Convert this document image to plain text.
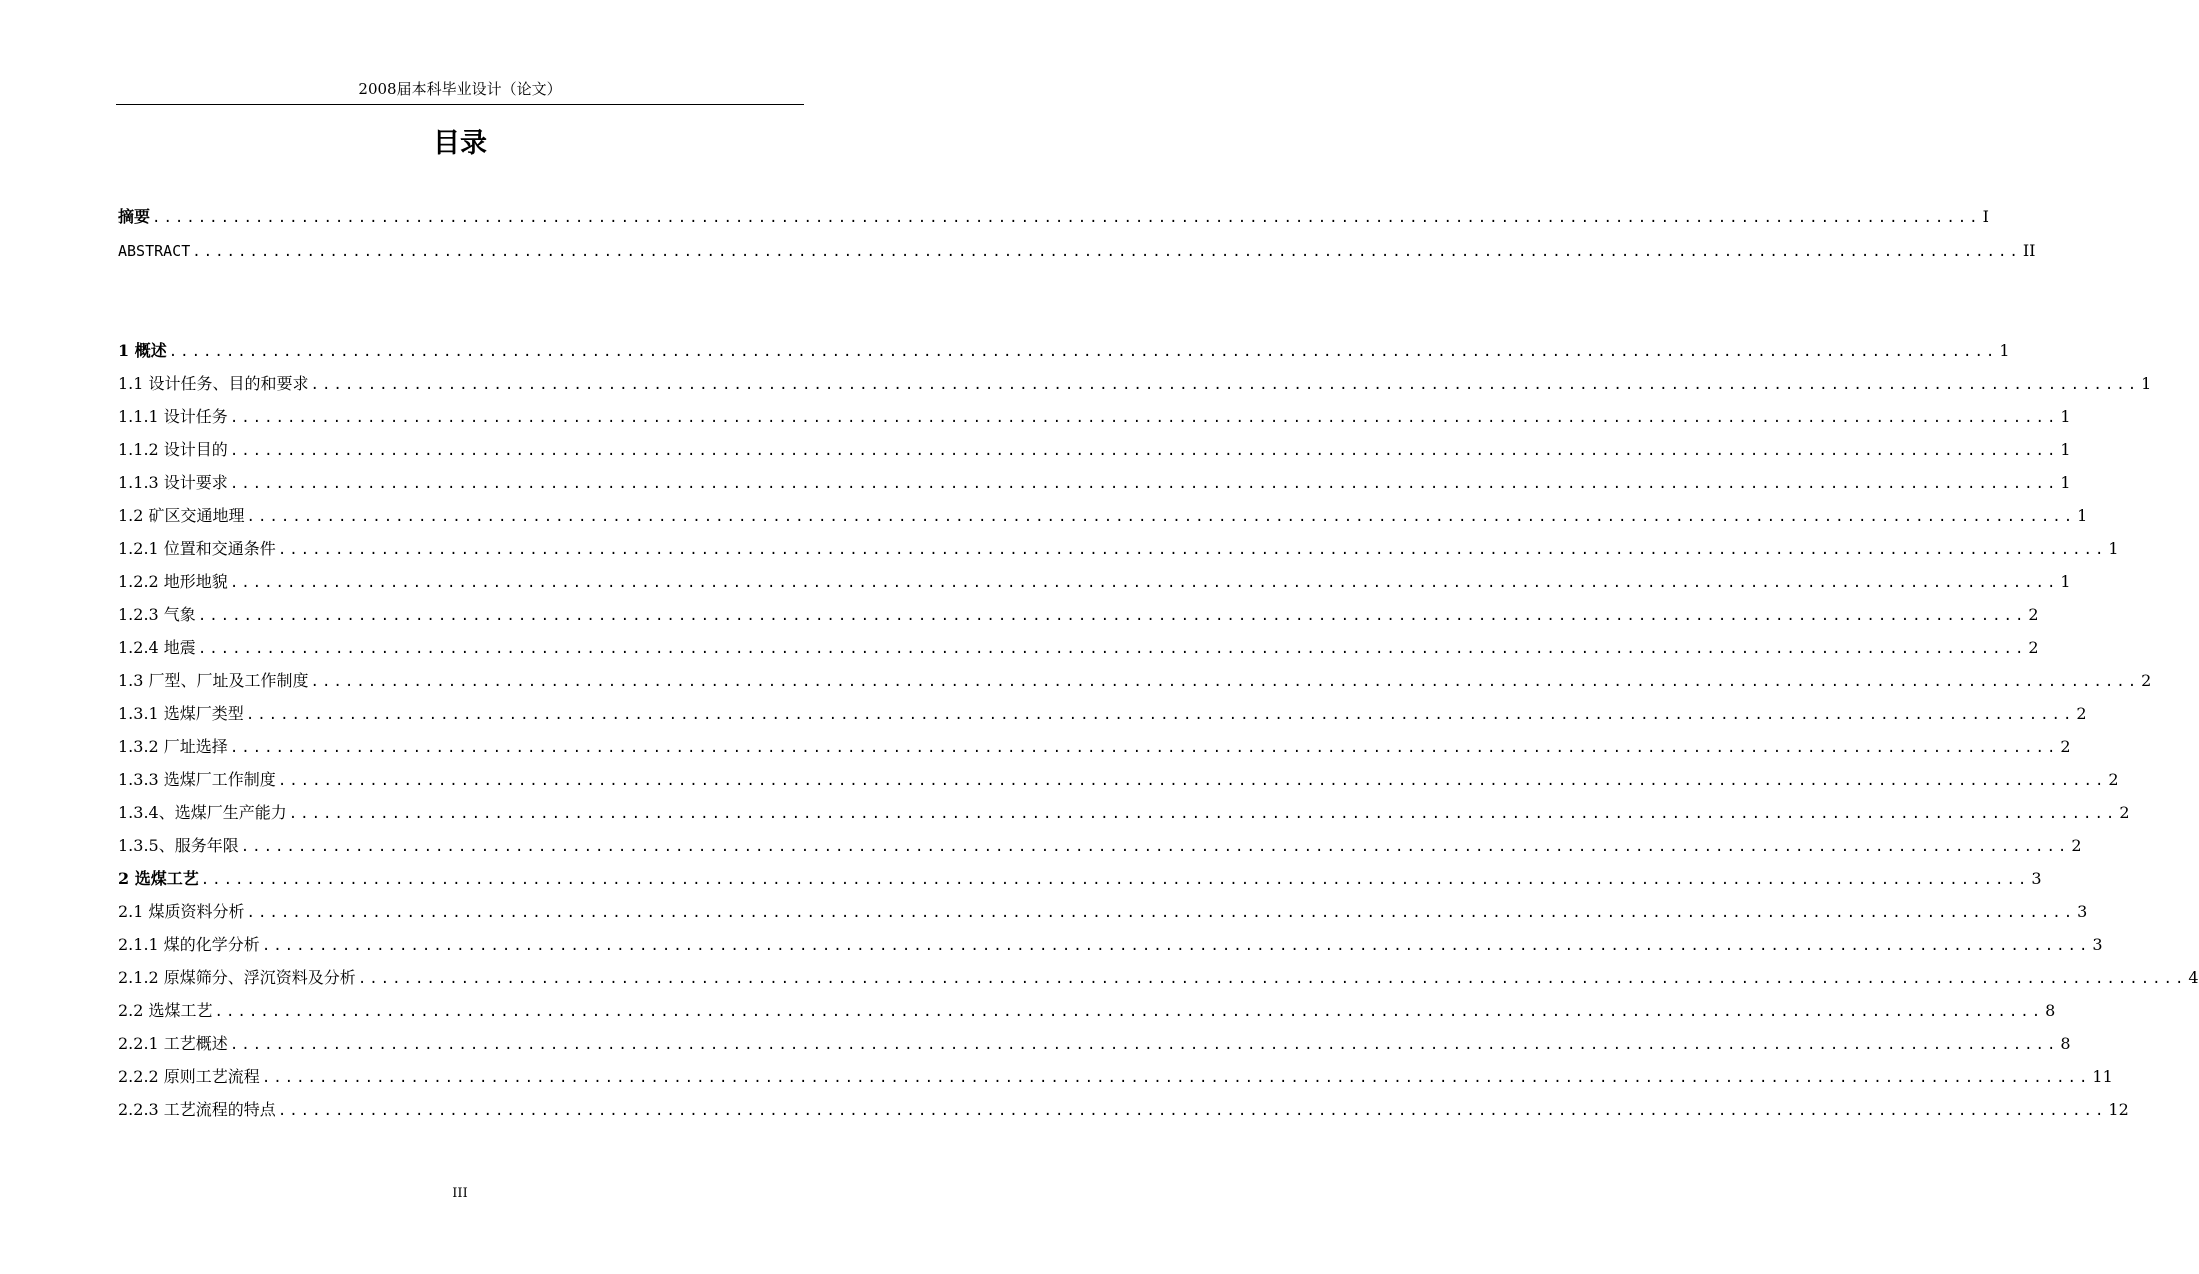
2008届本科毕业设计（论文）
目录
摘要 ................................................................................................................................................................ I
ABSTRACT ................................................................................................................................................................ II
1 概述 ................................................................................................................................................................ 1
1.1 设计任务、目的和要求 ................................................................................................................................................................ 1
1.1.1 设计任务 ................................................................................................................................................................ 1
1.1.2 设计目的 ................................................................................................................................................................ 1
1.1.3 设计要求 ................................................................................................................................................................ 1
1.2 矿区交通地理 ................................................................................................................................................................ 1
1.2.1 位置和交通条件 ................................................................................................................................................................ 1
1.2.2 地形地貌 ................................................................................................................................................................ 1
1.2.3 气象 ................................................................................................................................................................ 2
1.2.4 地震 ................................................................................................................................................................ 2
1.3 厂型、厂址及工作制度 ................................................................................................................................................................ 2
1.3.1 选煤厂类型 ................................................................................................................................................................ 2
1.3.2 厂址选择 ................................................................................................................................................................ 2
1.3.3 选煤厂工作制度 ................................................................................................................................................................ 2
1.3.4、选煤厂生产能力 ................................................................................................................................................................ 2
1.3.5、服务年限 ................................................................................................................................................................ 2
2 选煤工艺 ................................................................................................................................................................ 3
2.1 煤质资料分析 ................................................................................................................................................................ 3
2.1.1 煤的化学分析 ................................................................................................................................................................ 3
2.1.2 原煤筛分、浮沉资料及分析 ................................................................................................................................................................ 4
2.2 选煤工艺 ................................................................................................................................................................ 8
2.2.1 工艺概述 ................................................................................................................................................................ 8
2.2.2 原则工艺流程 ................................................................................................................................................................ 11
2.2.3 工艺流程的特点 ................................................................................................................................................................ 12
III
